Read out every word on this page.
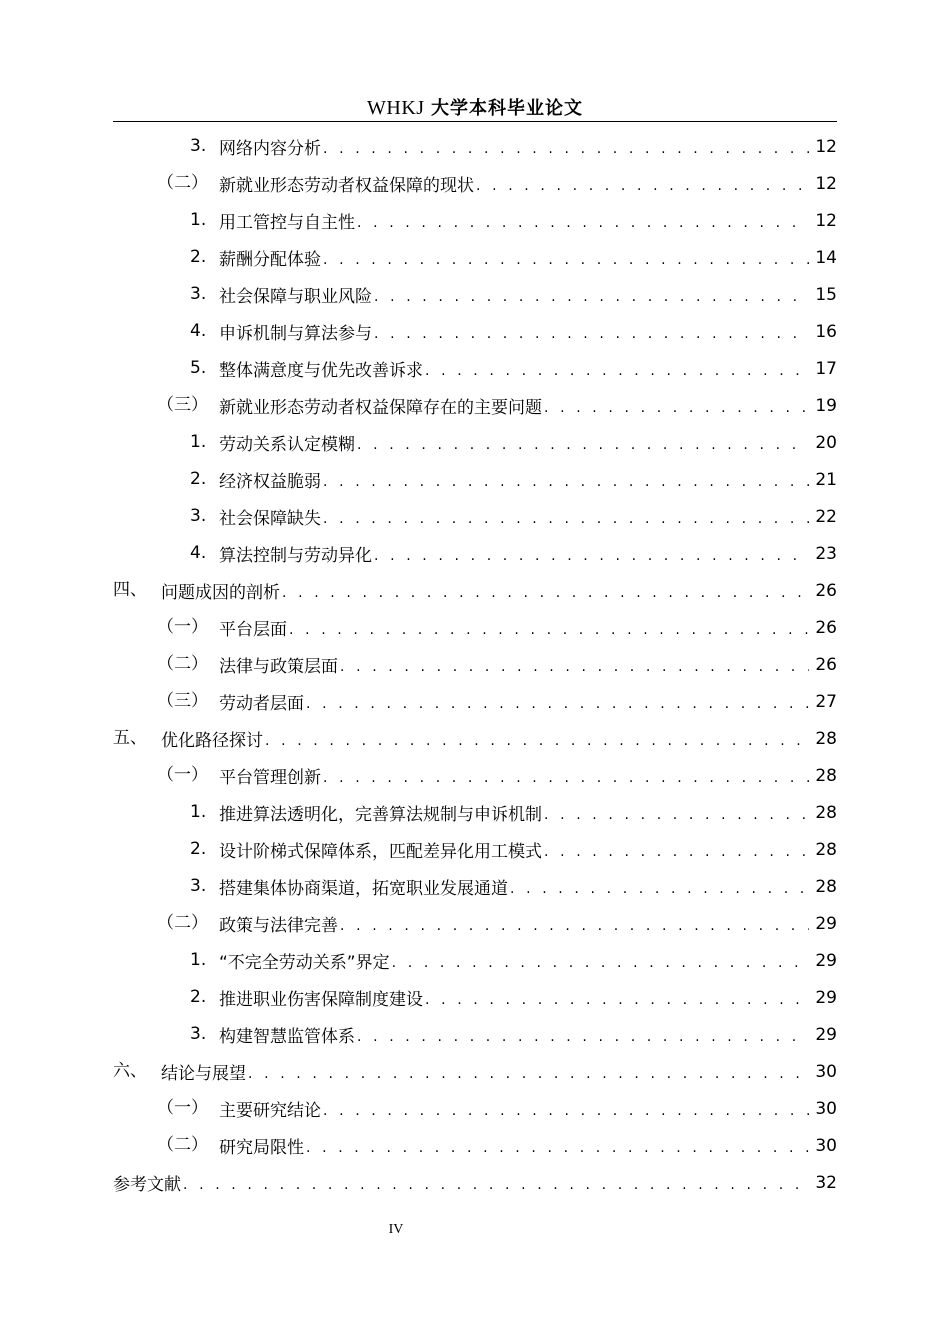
WHKJ 大学本科毕业论文
3. 网络内容分析 . . .	12
（二） 新就业形态劳动者权益保障的现状 . . .	12
1. 用工管控与自主性 . . .	12
2. 薪酬分配体验 . . .	14
3. 社会保障与职业风险 . . .	15
4. 申诉机制与算法参与 . . .	16
5. 整体满意度与优先改善诉求 . . .	17
（三） 新就业形态劳动者权益保障存在的主要问题 . . .	19
1. 劳动关系认定模糊 . . .	20
2. 经济权益脆弱 . . .	21
3. 社会保障缺失 . . .	22
4. 算法控制与劳动异化 . . .	23
四、 问题成因的剖析 . . .	26
（一） 平台层面 . . .	26
（二） 法律与政策层面 . . .	26
（三） 劳动者层面 . . .	27
五、 优化路径探讨 . . .	28
（一） 平台管理创新 . . .	28
1. 推进算法透明化，完善算法规制与申诉机制 . . .	28
2. 设计阶梯式保障体系，匹配差异化用工模式 . . .	28
3. 搭建集体协商渠道，拓宽职业发展通道 . . .	28
（二） 政策与法律完善 . . .	29
1. “不完全劳动关系”界定 . . .	29
2. 推进职业伤害保障制度建设 . . .	29
3. 构建智慧监管体系 . . .	29
六、 结论与展望 . . .	30
（一） 主要研究结论 . . .	30
（二） 研究局限性 . . .	30
参考文献 . . .	32
IV
